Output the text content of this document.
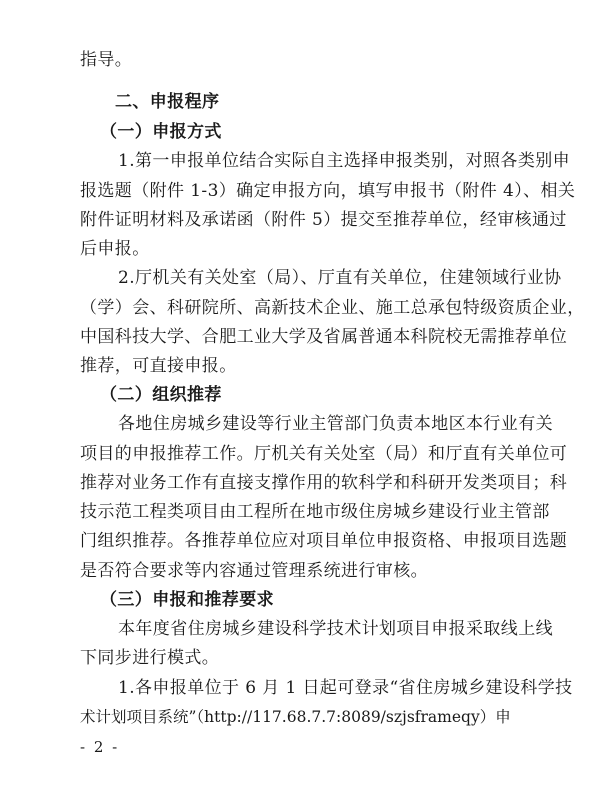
指导。
二、申报程序
（一）申报方式
1.第一申报单位结合实际自主选择申报类别，对照各类别申
报选题（附件 1-3）确定申报方向，填写申报书（附件 4）、相关
附件证明材料及承诺函（附件 5）提交至推荐单位，经审核通过
后申报。
2.厅机关有关处室（局）、厅直有关单位，住建领域行业协
（学）会、科研院所、高新技术企业、施工总承包特级资质企业，
中国科技大学、合肥工业大学及省属普通本科院校无需推荐单位
推荐，可直接申报。
（二）组织推荐
各地住房城乡建设等行业主管部门负责本地区本行业有关
项目的申报推荐工作。厅机关有关处室（局）和厅直有关单位可
推荐对业务工作有直接支撑作用的软科学和科研开发类项目；科
技示范工程类项目由工程所在地市级住房城乡建设行业主管部
门组织推荐。各推荐单位应对项目单位申报资格、申报项目选题
是否符合要求等内容通过管理系统进行审核。
（三）申报和推荐要求
本年度省住房城乡建设科学技术计划项目申报采取线上线
下同步进行模式。
1.各申报单位于 6 月 1 日起可登录“省住房城乡建设科学技
术计划项目系统”（http://117.68.7.7:8089/szjsframeqy）申
- 2 -
